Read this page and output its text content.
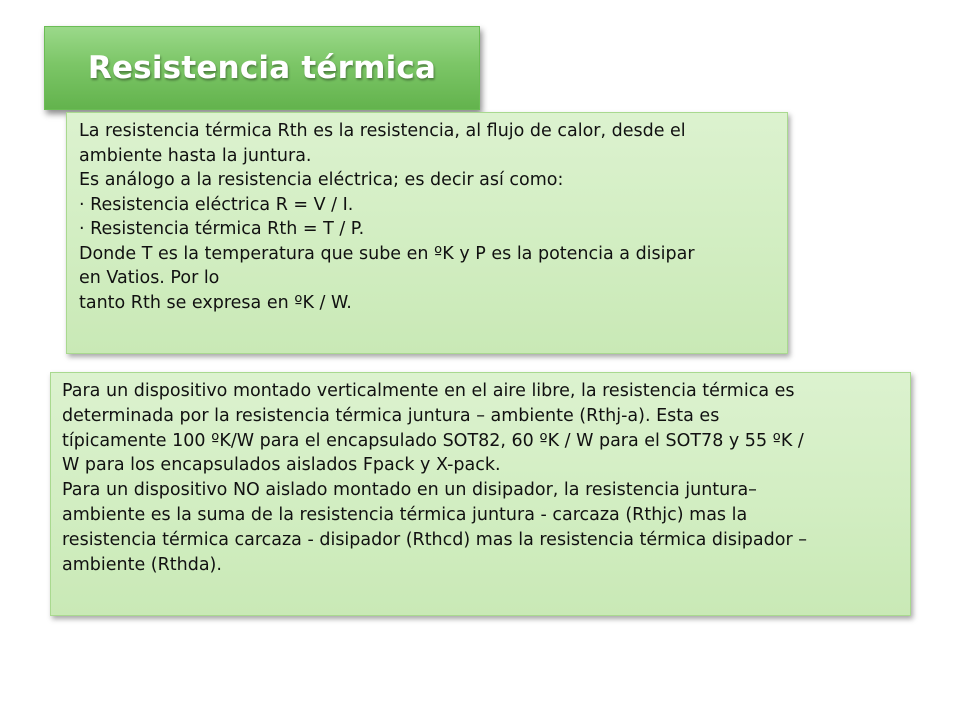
Resistencia térmica
La resistencia térmica Rth es la resistencia, al flujo de calor, desde el
ambiente hasta la juntura.
Es análogo a la resistencia eléctrica; es decir así como:
· Resistencia eléctrica R = V / I.
· Resistencia térmica Rth = T / P.
Donde T es la temperatura que sube en ºK y P es la potencia a disipar
en Vatios. Por lo
tanto Rth se expresa en ºK / W.
Para un dispositivo montado verticalmente en el aire libre, la resistencia térmica es
determinada por la resistencia térmica juntura – ambiente (Rthj-a). Esta es
típicamente 100 ºK/W para el encapsulado SOT82, 60 ºK / W para el SOT78 y 55 ºK /
W para los encapsulados aislados Fpack y X-pack.
Para un dispositivo NO aislado montado en un disipador, la resistencia juntura–
ambiente es la suma de la resistencia térmica juntura - carcaza (Rthjc) mas la
resistencia térmica carcaza - disipador (Rthcd) mas la resistencia térmica disipador –
ambiente (Rthda).
